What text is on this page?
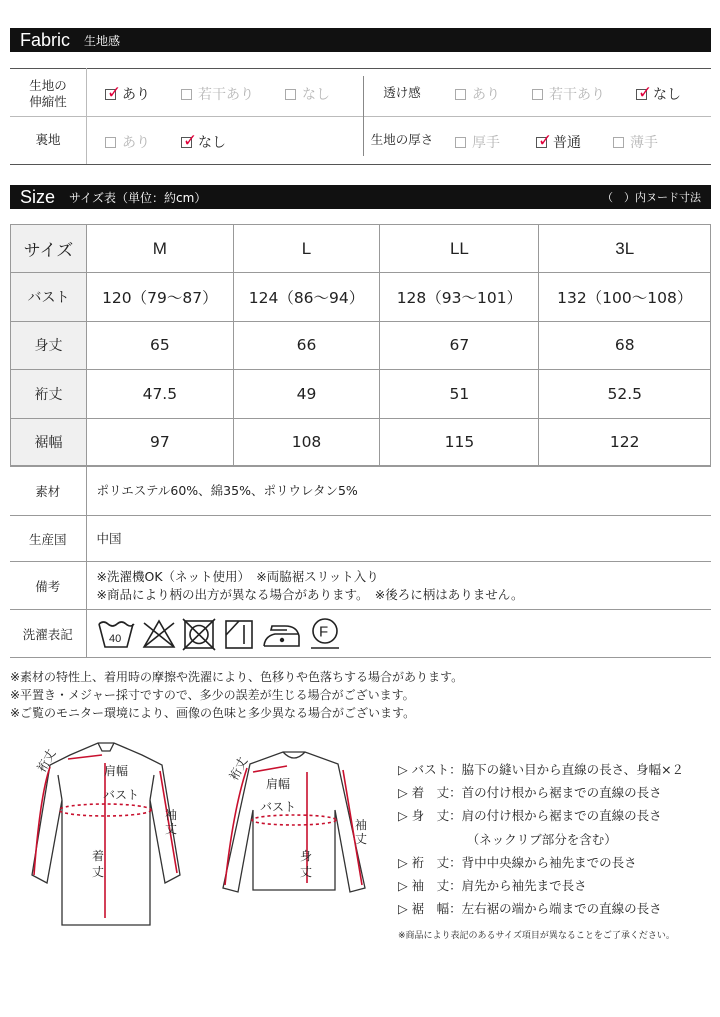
Fabric 生地感
生地の
伸縮性	✓ あり	若干あり	なし	透け感	あり	若干あり ✓ なし
裏地	あり ✓ なし	生地の厚さ	厚手 ✓ 普通	薄手
Size サイズ表（単位：約cm）	（　）内ヌード寸法
サイズ	M	L	LL	3L
バスト	120（79〜87）	124（86〜94）	128（93〜101）	132（100〜108）
身丈	65	66	67	68
裄丈	47.5	49	51	52.5
裾幅	97	108	115	122
素材	ポリエステル60%、綿35%、ポリウレタン5%
生産国	中国
備考	※洗濯機OK（ネット使用）　※両脇裾スリット入り
※商品により柄の出方が異なる場合があります。　※後ろに柄はありません。

洗濯表記	40 F
※素材の特性上、着用時の摩擦や洗濯により、色移りや色落ちする場合があります。
※平置き・メジャー採寸ですので、多少の誤差が生じる場合がございます。
※ご覧のモニター環境により、画像の色味と多少異なる場合がございます。
裄丈	肩幅
バスト
袖丈
着丈
裄丈
肩幅
バスト
袖丈
身丈
▷ バスト：脇下の縫い目から直線の長さ、身幅×２
▷ 着　丈：首の付け根から裾までの直線の長さ
▷ 身　丈：肩の付け根から裾までの直線の長さ
　　　　　　（ネックリブ部分を含む）
▷ 裄　丈：背中中央線から袖先までの長さ
▷ 袖　丈：肩先から袖先まで長さ
▷ 裾　幅：左右裾の端から端までの直線の長さ
※商品により表記のあるサイズ項目が異なることをご了承ください。
